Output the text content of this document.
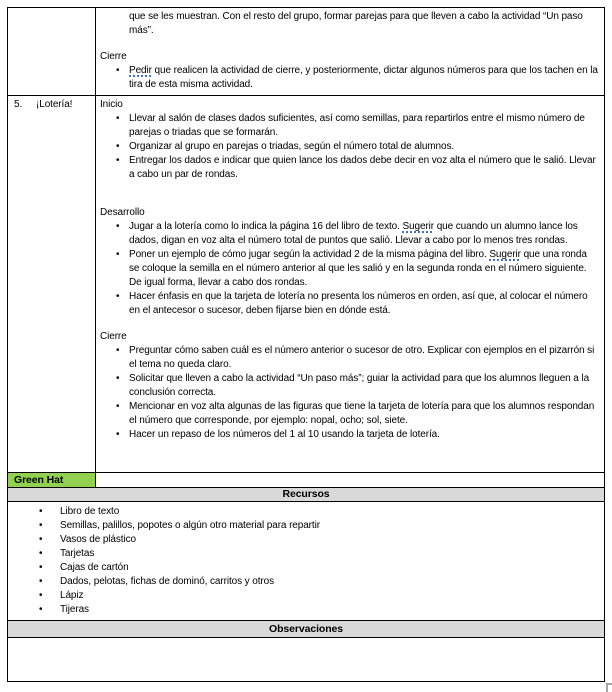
que se les muestran. Con el resto del grupo, formar parejas para que lleven a cabo la actividad “Un paso más”.
Cierre
• Pedir que realicen la actividad de cierre, y posteriormente, dictar algunos números para que los tachen en la tira de esta misma actividad.
5. ¡Lotería!	Inicio
• Llevar al salón de clases dados suficientes, así como semillas, para repartirlos entre el mismo número de parejas o triadas que se formarán.
• Organizar al grupo en parejas o triadas, según el número total de alumnos.
• Entregar los dados e indicar que quien lance los dados debe decir en voz alta el número que le salió. Llevar a cabo un par de rondas.
Desarrollo
• Jugar a la lotería como lo indica la página 16 del libro de texto. Sugerir que cuando un alumno lance los dados, digan en voz alta el número total de puntos que salió. Llevar a cabo por lo menos tres rondas.
• Poner un ejemplo de cómo jugar según la actividad 2 de la misma página del libro. Sugerir que una ronda se coloque la semilla en el número anterior al que les salió y en la segunda ronda en el número siguiente. De igual forma, llevar a cabo dos rondas.
• Hacer énfasis en que la tarjeta de lotería no presenta los números en orden, así que, al colocar el número en el antecesor o sucesor, deben fijarse bien en dónde está.
Cierre
• Preguntar cómo saben cuál es el número anterior o sucesor de otro. Explicar con ejemplos en el pizarrón si el tema no queda claro.
• Solicitar que lleven a cabo la actividad “Un paso más”; guiar la actividad para que los alumnos lleguen a la conclusión correcta.
• Mencionar en voz alta algunas de las figuras que tiene la tarjeta de lotería para que los alumnos respondan el número que corresponde, por ejemplo: nopal, ocho; sol, siete.
• Hacer un repaso de los números del 1 al 10 usando la tarjeta de lotería.
Green Hat
Recursos
• Libro de texto
• Semillas, palillos, popotes o algún otro material para repartir
• Vasos de plástico
• Tarjetas
• Cajas de cartón
• Dados, pelotas, fichas de dominó, carritos y otros
• Lápiz
• Tijeras
Observaciones
